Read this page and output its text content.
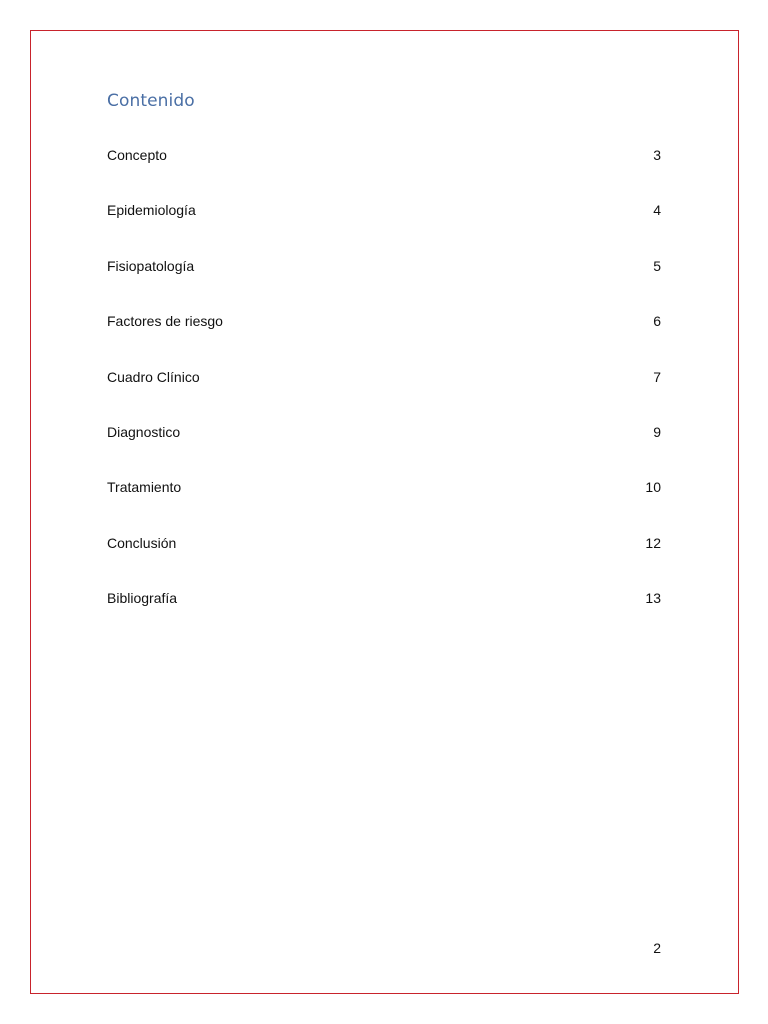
Contenido
Concepto	3
Epidemiología	4
Fisiopatología	5
Factores de riesgo	6
Cuadro Clínico	7
Diagnostico	9
Tratamiento	10
Conclusión	12
Bibliografía	13
2
